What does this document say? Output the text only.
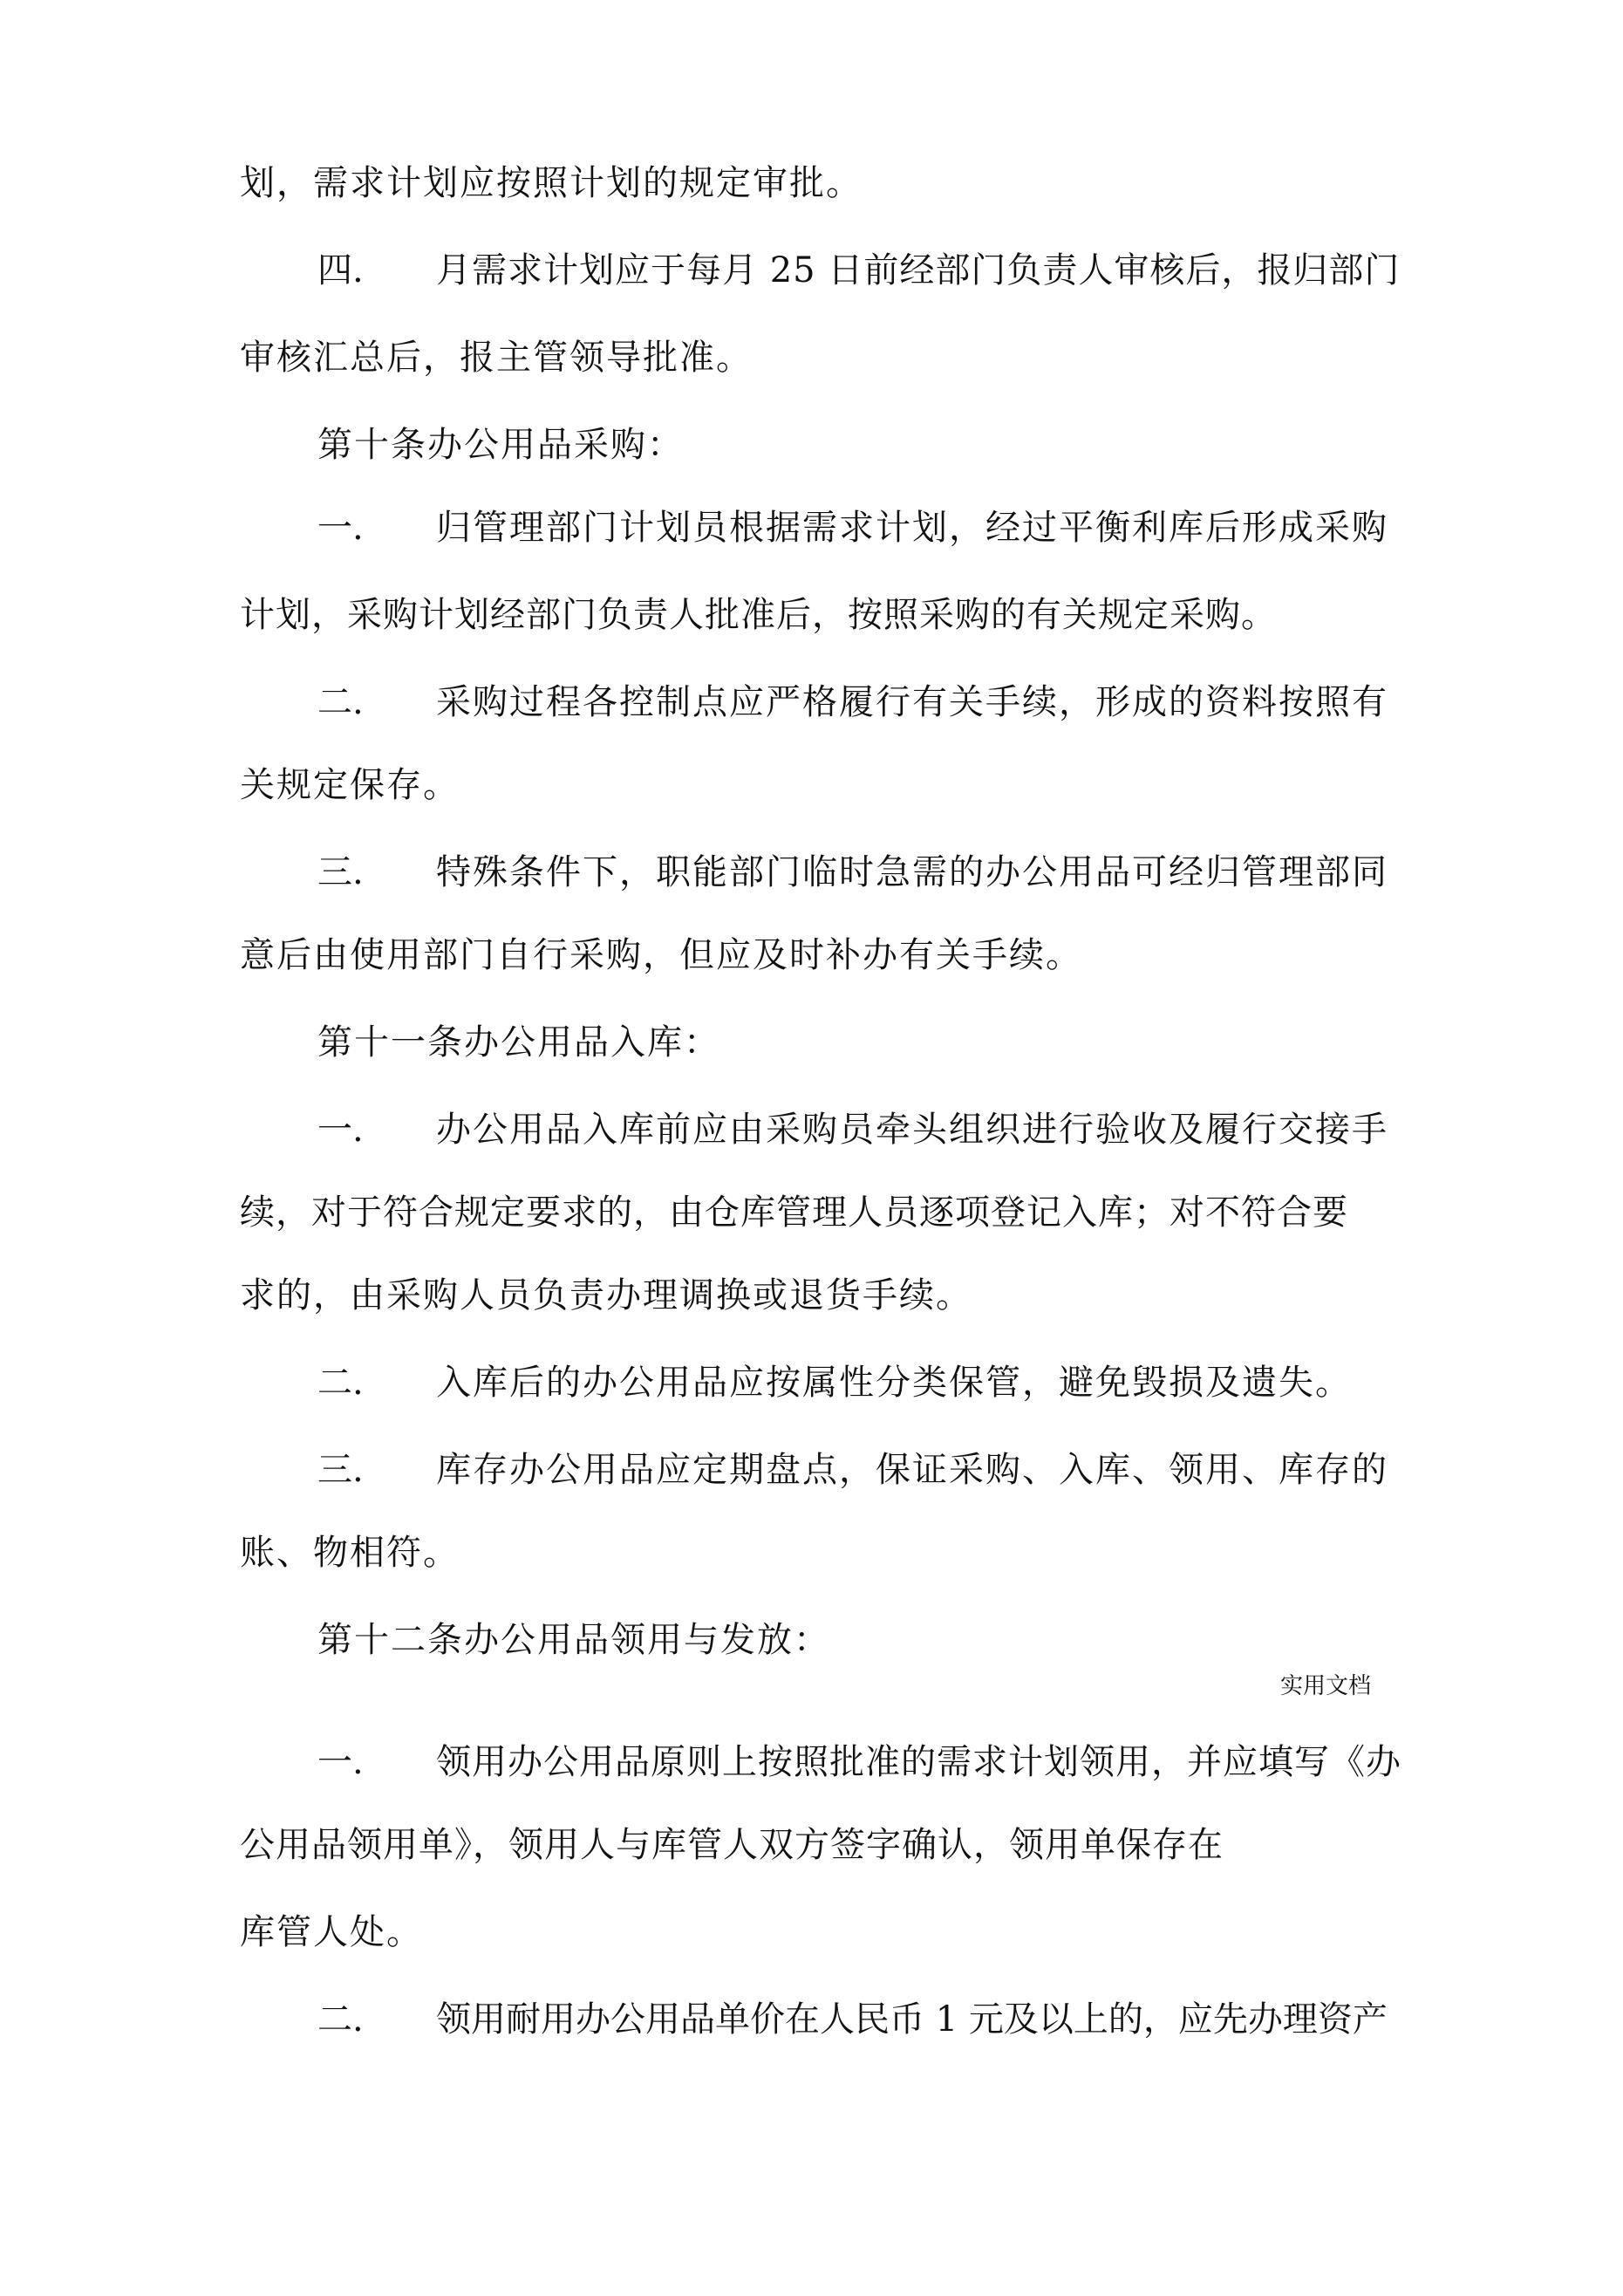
划，需求计划应按照计划的规定审批。
四. 月需求计划应于每月 25 日前经部门负责人审核后，报归部门
审核汇总后，报主管领导批准。
第十条办公用品采购：
一. 归管理部门计划员根据需求计划，经过平衡利库后形成采购
计划，采购计划经部门负责人批准后，按照采购的有关规定采购。
二. 采购过程各控制点应严格履行有关手续，形成的资料按照有
关规定保存。
三. 特殊条件下，职能部门临时急需的办公用品可经归管理部同
意后由使用部门自行采购，但应及时补办有关手续。
第十一条办公用品入库：
一. 办公用品入库前应由采购员牵头组织进行验收及履行交接手
续，对于符合规定要求的，由仓库管理人员逐项登记入库；对不符合要
求的，由采购人员负责办理调换或退货手续。
二. 入库后的办公用品应按属性分类保管，避免毁损及遗失。
三. 库存办公用品应定期盘点，保证采购、入库、领用、库存的
账、物相符。
第十二条办公用品领用与发放：
实用文档
一. 领用办公用品原则上按照批准的需求计划领用，并应填写《办
公用品领用单》，领用人与库管人双方签字确认，领用单保存在
库管人处。
二. 领用耐用办公用品单价在人民币 1 元及以上的，应先办理资产
